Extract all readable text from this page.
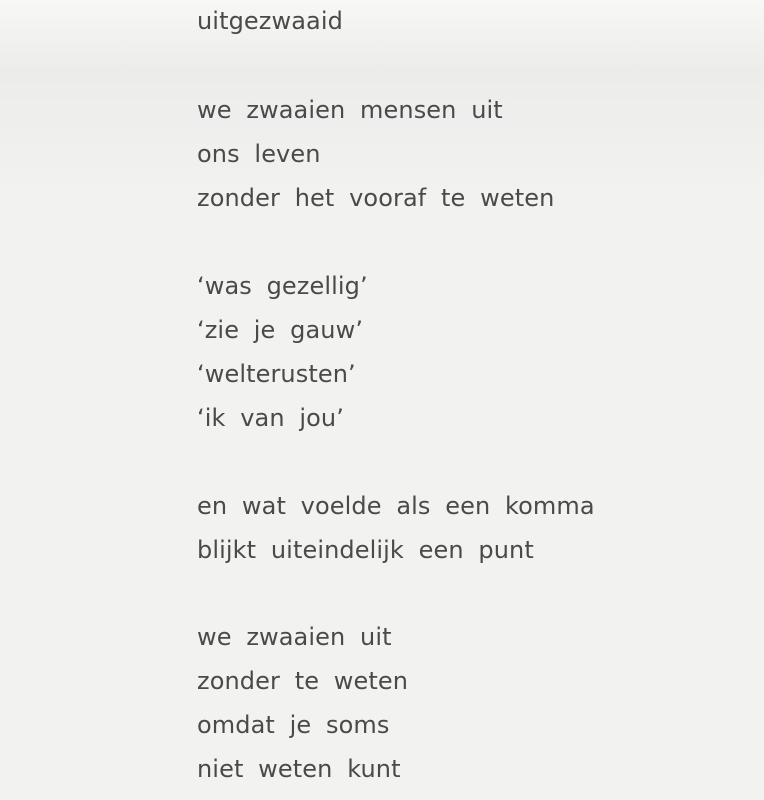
uitgezwaaid
we zwaaien mensen uit
ons leven
zonder het vooraf te weten
‘was gezellig’
‘zie je gauw’
‘welterusten’
‘ik van jou’
en wat voelde als een komma
blijkt uiteindelijk een punt
we zwaaien uit
zonder te weten
omdat je soms
niet weten kunt
